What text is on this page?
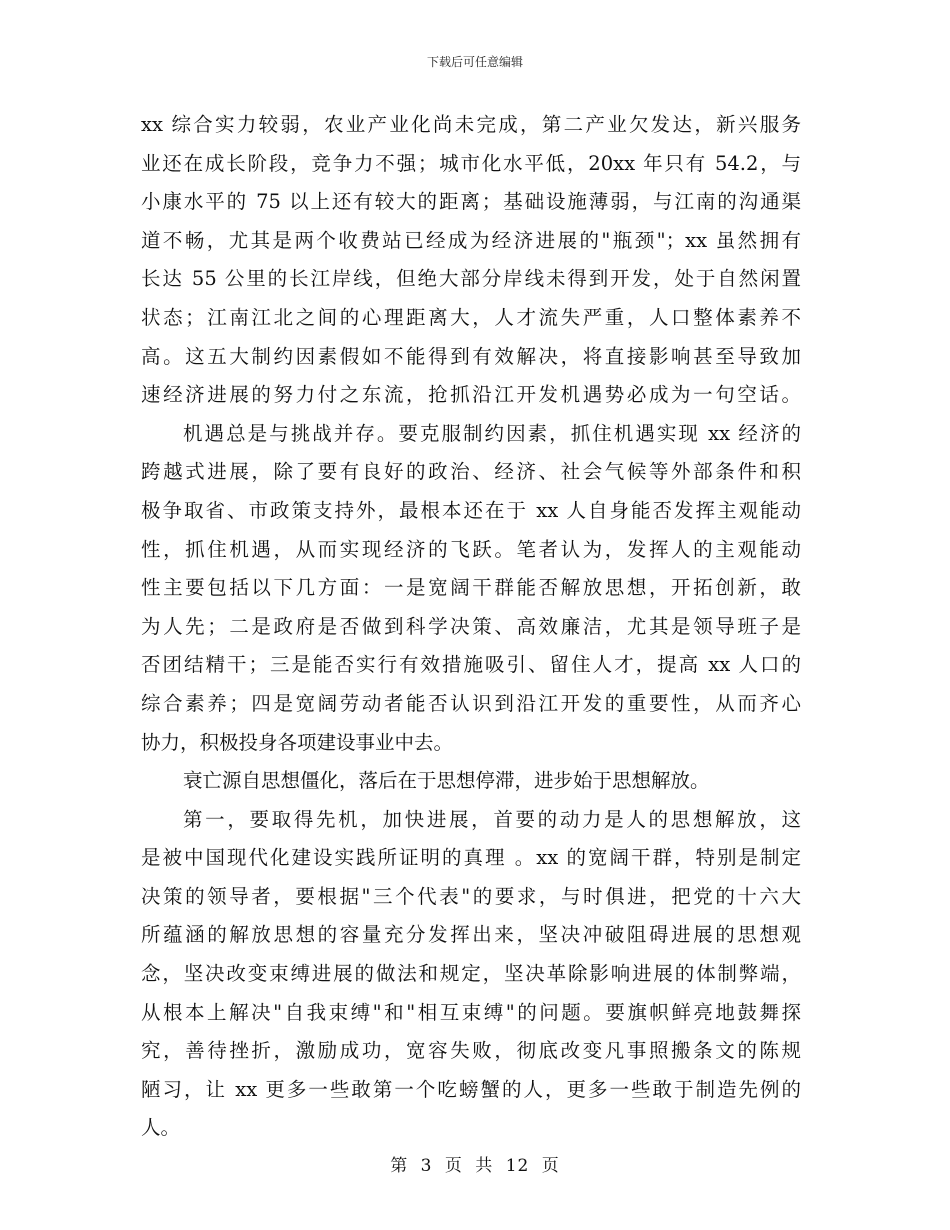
下载后可任意编辑
xx 综合实力较弱，农业产业化尚未完成，第二产业欠发达，新兴服务
业还在成长阶段，竞争力不强；城市化水平低，20xx 年只有 54.2，与
小康水平的 75 以上还有较大的距离；基础设施薄弱，与江南的沟通渠
道不畅，尤其是两个收费站已经成为经济进展的"瓶颈"；xx 虽然拥有
长达 55 公里的长江岸线，但绝大部分岸线未得到开发，处于自然闲置
状态；江南江北之间的心理距离大，人才流失严重，人口整体素养不
高。这五大制约因素假如不能得到有效解决，将直接影响甚至导致加
速经济进展的努力付之东流，抢抓沿江开发机遇势必成为一句空话。
机遇总是与挑战并存。要克服制约因素，抓住机遇实现 xx 经济的
跨越式进展，除了要有良好的政治、经济、社会气候等外部条件和积
极争取省、市政策支持外，最根本还在于 xx 人自身能否发挥主观能动
性，抓住机遇，从而实现经济的飞跃。笔者认为，发挥人的主观能动
性主要包括以下几方面：一是宽阔干群能否解放思想，开拓创新，敢
为人先；二是政府是否做到科学决策、高效廉洁，尤其是领导班子是
否团结精干；三是能否实行有效措施吸引、留住人才，提高 xx 人口的
综合素养；四是宽阔劳动者能否认识到沿江开发的重要性，从而齐心
协力，积极投身各项建设事业中去。
衰亡源自思想僵化，落后在于思想停滞，进步始于思想解放。
第一，要取得先机，加快进展，首要的动力是人的思想解放，这
是被中国现代化建设实践所证明的真理 。xx 的宽阔干群，特别是制定
决策的领导者，要根据"三个代表"的要求，与时俱进，把党的十六大
所蕴涵的解放思想的容量充分发挥出来，坚决冲破阻碍进展的思想观
念，坚决改变束缚进展的做法和规定，坚决革除影响进展的体制弊端，
从根本上解决"自我束缚"和"相互束缚"的问题。要旗帜鲜亮地鼓舞探
究，善待挫折，激励成功，宽容失败，彻底改变凡事照搬条文的陈规
陋习，让 xx 更多一些敢第一个吃螃蟹的人，更多一些敢于制造先例的
人。
第 3 页 共 12 页
